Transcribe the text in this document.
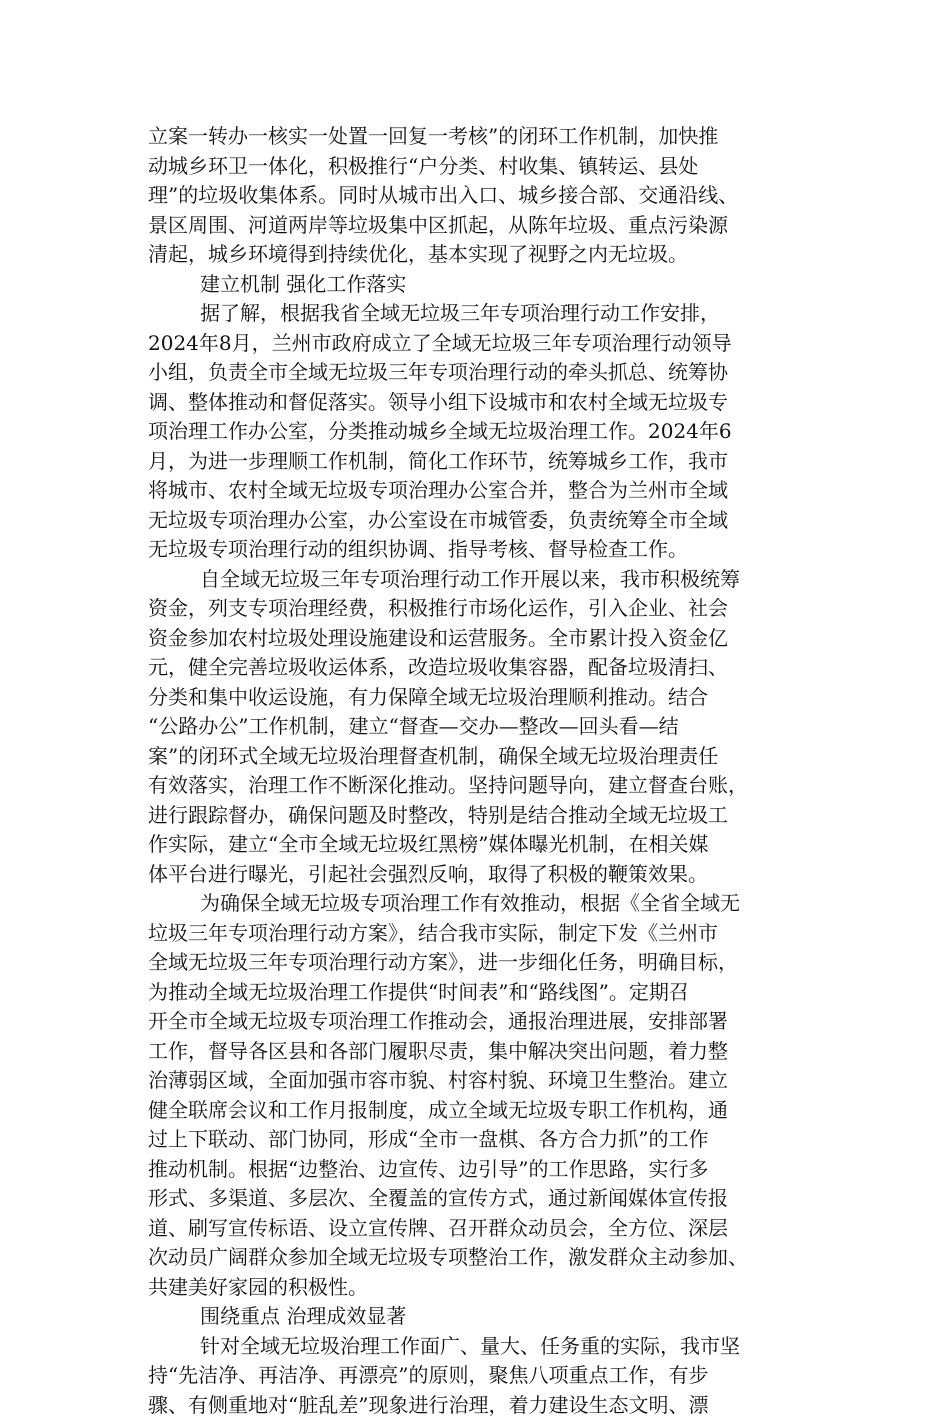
立案一转办一核实一处置一回复一考核”的闭环工作机制，加快推
动城乡环卫一体化，积极推行“户分类、村收集、镇转运、县处
理”的垃圾收集体系。同时从城市出入口、城乡接合部、交通沿线、
景区周围、河道两岸等垃圾集中区抓起，从陈年垃圾、重点污染源
清起，城乡环境得到持续优化，基本实现了视野之内无垃圾。
建立机制 强化工作落实
据了解，根据我省全域无垃圾三年专项治理行动工作安排，
2024年8月，兰州市政府成立了全域无垃圾三年专项治理行动领导
小组，负责全市全域无垃圾三年专项治理行动的牵头抓总、统筹协
调、整体推动和督促落实。领导小组下设城市和农村全域无垃圾专
项治理工作办公室，分类推动城乡全域无垃圾治理工作。2024年6
月，为进一步理顺工作机制，简化工作环节，统筹城乡工作，我市
将城市、农村全域无垃圾专项治理办公室合并，整合为兰州市全域
无垃圾专项治理办公室，办公室设在市城管委，负责统筹全市全域
无垃圾专项治理行动的组织协调、指导考核、督导检查工作。
自全域无垃圾三年专项治理行动工作开展以来，我市积极统筹
资金，列支专项治理经费，积极推行市场化运作，引入企业、社会
资金参加农村垃圾处理设施建设和运营服务。全市累计投入资金亿
元，健全完善垃圾收运体系，改造垃圾收集容器，配备垃圾清扫、
分类和集中收运设施，有力保障全域无垃圾治理顺利推动。结合
“公路办公”工作机制，建立“督查—交办—整改—回头看—结
案”的闭环式全域无垃圾治理督查机制，确保全域无垃圾治理责任
有效落实，治理工作不断深化推动。坚持问题导向，建立督查台账，
进行跟踪督办，确保问题及时整改，特别是结合推动全域无垃圾工
作实际，建立“全市全域无垃圾红黑榜”媒体曝光机制，在相关媒
体平台进行曝光，引起社会强烈反响，取得了积极的鞭策效果。
为确保全域无垃圾专项治理工作有效推动，根据《全省全域无
垃圾三年专项治理行动方案》，结合我市实际，制定下发《兰州市
全域无垃圾三年专项治理行动方案》，进一步细化任务，明确目标，
为推动全域无垃圾治理工作提供“时间表”和“路线图”。定期召
开全市全域无垃圾专项治理工作推动会，通报治理进展，安排部署
工作，督导各区县和各部门履职尽责，集中解决突出问题，着力整
治薄弱区域，全面加强市容市貌、村容村貌、环境卫生整治。建立
健全联席会议和工作月报制度，成立全域无垃圾专职工作机构，通
过上下联动、部门协同，形成“全市一盘棋、各方合力抓”的工作
推动机制。根据“边整治、边宣传、边引导”的工作思路，实行多
形式、多渠道、多层次、全覆盖的宣传方式，通过新闻媒体宣传报
道、刷写宣传标语、设立宣传牌、召开群众动员会，全方位、深层
次动员广阔群众参加全域无垃圾专项整治工作，激发群众主动参加、
共建美好家园的积极性。
围绕重点 治理成效显著
针对全域无垃圾治理工作面广、量大、任务重的实际，我市坚
持“先洁净、再洁净、再漂亮”的原则，聚焦八项重点工作，有步
骤、有侧重地对“脏乱差”现象进行治理，着力建设生态文明、漂
